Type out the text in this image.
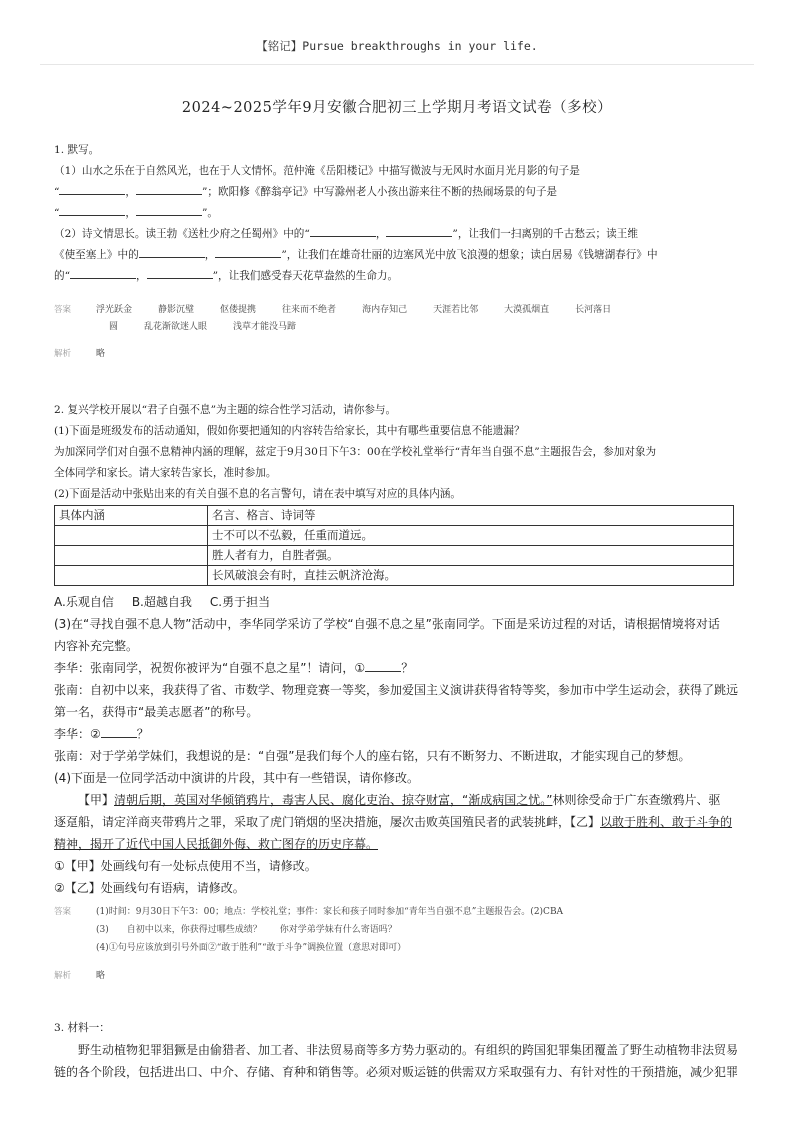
【铭记】Pursue breakthroughs in your life.
2024~2025学年9月安徽合肥初三上学期月考语文试卷（多校）

1. 默写。

（1）山水之乐在于自然风光，也在于人文情怀。范仲淹《岳阳楼记》中描写微波与无风时水面月光月影的句子是

“	，	”；欧阳修《醉翁亭记》中写滁州老人小孩出游来往不断的热闹场景的句子是

“	，	”。

（2）诗文情思长。读王勃《送杜少府之任蜀州》中的“	，	”，让我们一扫离别的千古愁云；读王维

《使至塞上》中的	，	”，让我们在雄奇壮丽的边塞风光中放飞浪漫的想象；读白居易《钱塘湖春行》中

的“	，	”，让我们感受春天花草盎然的生命力。

答案	浮光跃金	静影沉璧	伛偻提携	往来而不绝者	海内存知己	天涯若比邻	大漠孤烟直	长河落日
圆	乱花渐欲迷人眼	浅草才能没马蹄
解析	略

2. 复兴学校开展以“君子自强不息”为主题的综合性学习活动，请你参与。

(1)下面是班级发布的活动通知，假如你要把通知的内容转告给家长，其中有哪些重要信息不能遗漏？

为加深同学们对自强不息精神内涵的理解，兹定于9月30日下午3：00在学校礼堂举行“青年当自强不息”主题报告会，参加对象为

全体同学和家长。请大家转告家长，准时参加。

(2)下面是活动中张贴出来的有关自强不息的名言警句，请在表中填写对应的具体内涵。

具体内涵	名言、格言、诗词等
	士不可以不弘毅，任重而道远。
	胜人者有力，自胜者强。
	长风破浪会有时，直挂云帆济沧海。

A.乐观自信 B.超越自我 C.勇于担当

(3)在“寻找自强不息人物”活动中，李华同学采访了学校“自强不息之星”张南同学。下面是采访过程的对话，请根据情境将对话

内容补充完整。

李华：张南同学，祝贺你被评为“自强不息之星”！请问，①	？

张南：自初中以来，我获得了省、市数学、物理竞赛一等奖，参加爱国主义演讲获得省特等奖，参加市中学生运动会，获得了跳远

第一名，获得市“最美志愿者”的称号。

李华：②	？

张南：对于学弟学妹们，我想说的是：“自强”是我们每个人的座右铭，只有不断努力、不断进取，才能实现自己的梦想。

(4)下面是一位同学活动中演讲的片段，其中有一些错误，请你修改。

【甲】清朝后期，英国对华倾销鸦片，毒害人民、腐化吏治、掠夺财富，“渐成病国之忧。”林则徐受命于广东查缴鸦片、驱

逐趸船，请定洋商夹带鸦片之罪，采取了虎门销烟的坚决措施，屡次击败英国殖民者的武装挑衅，【乙】以敢于胜利、敢于斗争的

精神，揭开了近代中国人民抵御外侮、救亡图存的历史序幕。

①【甲】处画线句有一处标点使用不当，请修改。

②【乙】处画线句有语病，请修改。

答案	(1)时间：9月30日下午3：00；地点：学校礼堂；事件：家长和孩子同时参加“青年当自强不息”主题报告会。(2)CBA
(3) 自初中以来，你获得过哪些成绩？ 你对学弟学妹有什么寄语吗？
(4)①句号应该放到引号外面②“敢于胜利”“敢于斗争”调换位置（意思对即可）
解析	略

3. 材料一：

野生动植物犯罪猖獗是由偷猎者、加工者、非法贸易商等多方势力驱动的。有组织的跨国犯罪集团覆盖了野生动植物非法贸易

链的各个阶段，包括进出口、中介、存储、育种和销售等。必须对贩运链的供需双方采取强有力、有针对性的干预措施，减少犯罪
